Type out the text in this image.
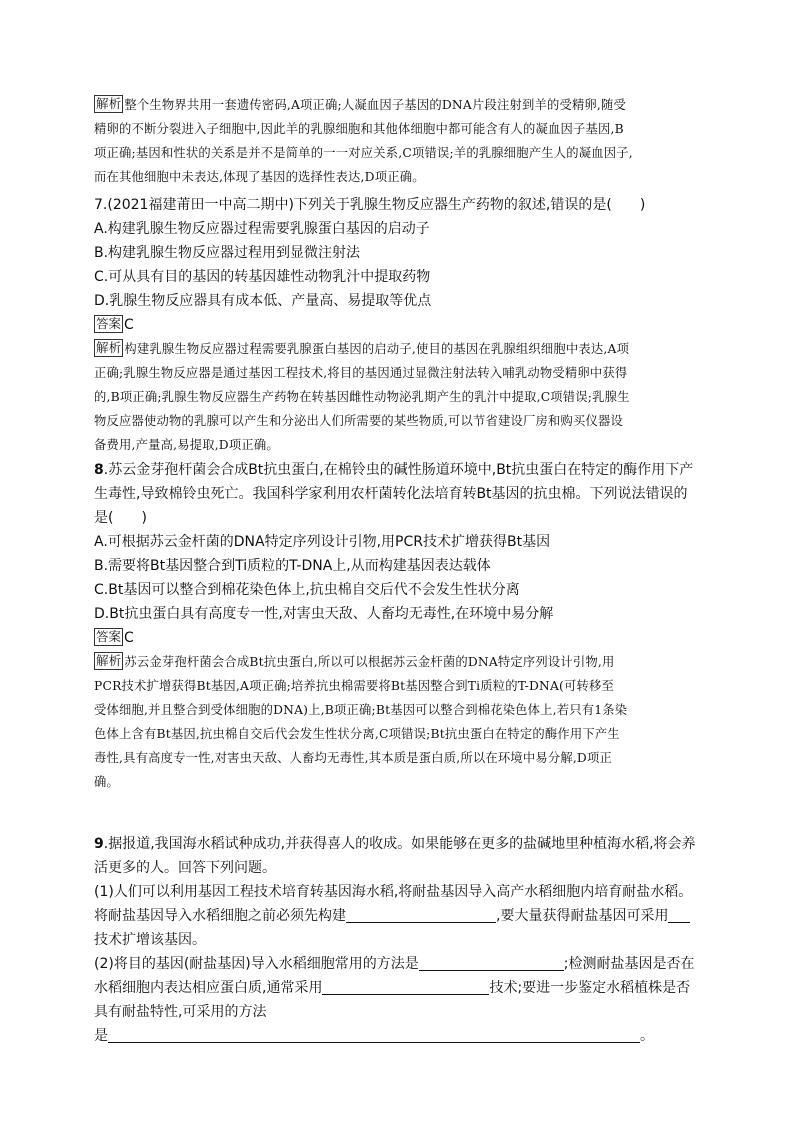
解析 整个生物界共用一套遗传密码,A项正确;人凝血因子基因的DNA片段注射到羊的受精卵,随受
精卵的不断分裂进入子细胞中,因此羊的乳腺细胞和其他体细胞中都可能含有人的凝血因子基因,B
项正确;基因和性状的关系是并不是简单的一一对应关系,C项错误;羊的乳腺细胞产生人的凝血因子,
而在其他细胞中未表达,体现了基因的选择性表达,D项正确。
7.(2021福建莆田一中高二期中)下列关于乳腺生物反应器生产药物的叙述,错误的是(　　)
A.构建乳腺生物反应器过程需要乳腺蛋白基因的启动子
B.构建乳腺生物反应器过程用到显微注射法
C.可从具有目的基因的转基因雄性动物乳汁中提取药物
D.乳腺生物反应器具有成本低、产量高、易提取等优点
答案 C
解析 构建乳腺生物反应器过程需要乳腺蛋白基因的启动子,使目的基因在乳腺组织细胞中表达,A项
正确;乳腺生物反应器是通过基因工程技术,将目的基因通过显微注射法转入哺乳动物受精卵中获得
的,B项正确;乳腺生物反应器生产药物在转基因雌性动物泌乳期产生的乳汁中提取,C项错误;乳腺生
物反应器使动物的乳腺可以产生和分泌出人们所需要的某些物质,可以节省建设厂房和购买仪器设
备费用,产量高,易提取,D项正确。
8.苏云金芽孢杆菌会合成Bt抗虫蛋白,在棉铃虫的碱性肠道环境中,Bt抗虫蛋白在特定的酶作用下产
生毒性,导致棉铃虫死亡。我国科学家利用农杆菌转化法培育转Bt基因的抗虫棉。下列说法错误的
是(　　)
A.可根据苏云金杆菌的DNA特定序列设计引物,用PCR技术扩增获得Bt基因
B.需要将Bt基因整合到Ti质粒的T-DNA上,从而构建基因表达载体
C.Bt基因可以整合到棉花染色体上,抗虫棉自交后代不会发生性状分离
D.Bt抗虫蛋白具有高度专一性,对害虫天敌、人畜均无毒性,在环境中易分解
答案 C
解析 苏云金芽孢杆菌会合成Bt抗虫蛋白,所以可以根据苏云金杆菌的DNA特定序列设计引物,用
PCR技术扩增获得Bt基因,A项正确;培养抗虫棉需要将Bt基因整合到Ti质粒的T-DNA(可转移至
受体细胞,并且整合到受体细胞的DNA)上,B项正确;Bt基因可以整合到棉花染色体上,若只有1条染
色体上含有Bt基因,抗虫棉自交后代会发生性状分离,C项错误;Bt抗虫蛋白在特定的酶作用下产生
毒性,具有高度专一性,对害虫天敌、人畜均无毒性,其本质是蛋白质,所以在环境中易分解,D项正
确。
9.据报道,我国海水稻试种成功,并获得喜人的收成。如果能够在更多的盐碱地里种植海水稻,将会养
活更多的人。回答下列问题。
(1)人们可以利用基因工程技术培育转基因海水稻,将耐盐基因导入高产水稻细胞内培育耐盐水稻。
将耐盐基因导入水稻细胞之前必须先构建	,要大量获得耐盐基因可采用
技术扩增该基因。
(2)将目的基因(耐盐基因)导入水稻细胞常用的方法是	;检测耐盐基因是否在
水稻细胞内表达相应蛋白质,通常采用	技术;要进一步鉴定水稻植株是否
具有耐盐特性,可采用的方法
是	。
